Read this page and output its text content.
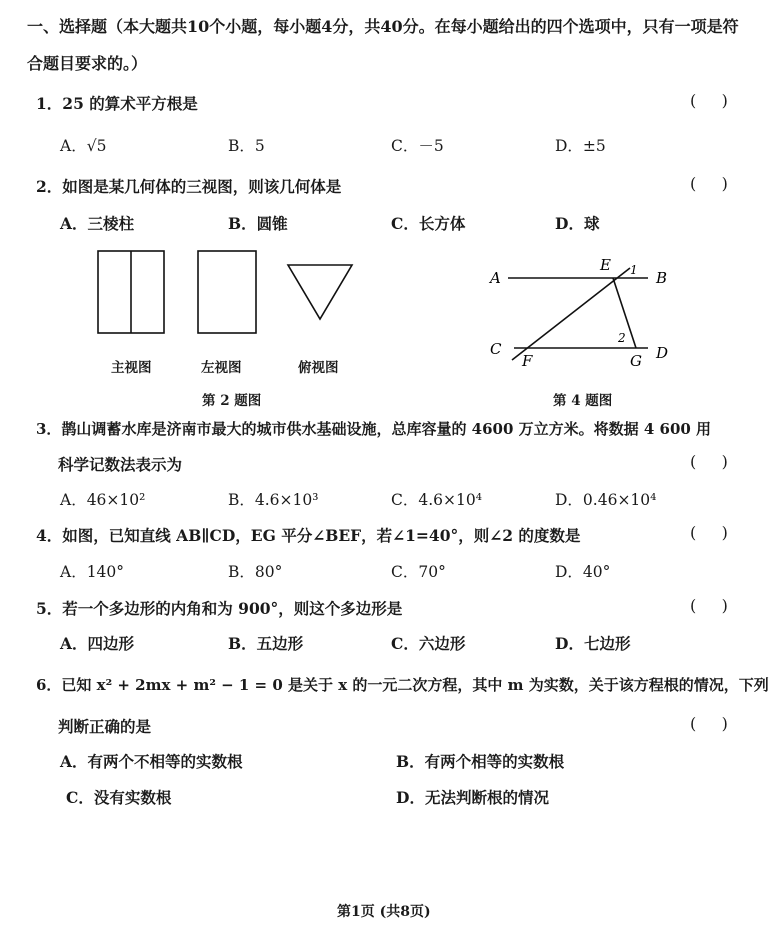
一、选择题（本大题共10个小题，每小题4分，共40分。在每小题给出的四个选项中，只有一项是符
合题目要求的。）
1．25 的算术平方根是	(     )
A．√5	B．5	C．－5	D．±5
2．如图是某几何体的三视图，则该几何体是	(     )
A．三棱柱	B．圆锥	C．长方体	D．球
主视图	左视图	俯视图
第 2 题图
A	B
C	D
E
F	G
1
2
第 4 题图
3．鹊山调蓄水库是济南市最大的城市供水基础设施，总库容量的 4600 万立方米。将数据 4 600 用
科学记数法表示为	(     )
A．46×10²	B．4.6×10³	C．4.6×10⁴	D．0.46×10⁴
4．如图，已知直线 AB∥CD，EG 平分∠BEF，若∠1=40°，则∠2 的度数是	(     )
A．140°	B．80°	C．70°	D．40°
5．若一个多边形的内角和为 900°，则这个多边形是	(     )
A．四边形	B．五边形	C．六边形	D．七边形
6．已知 x² + 2mx + m² − 1 = 0 是关于 x 的一元二次方程，其中 m 为实数，关于该方程根的情况，下列
判断正确的是	(     )
A．有两个不相等的实数根	B．有两个相等的实数根
C．没有实数根	D．无法判断根的情况
第1页 (共8页)
